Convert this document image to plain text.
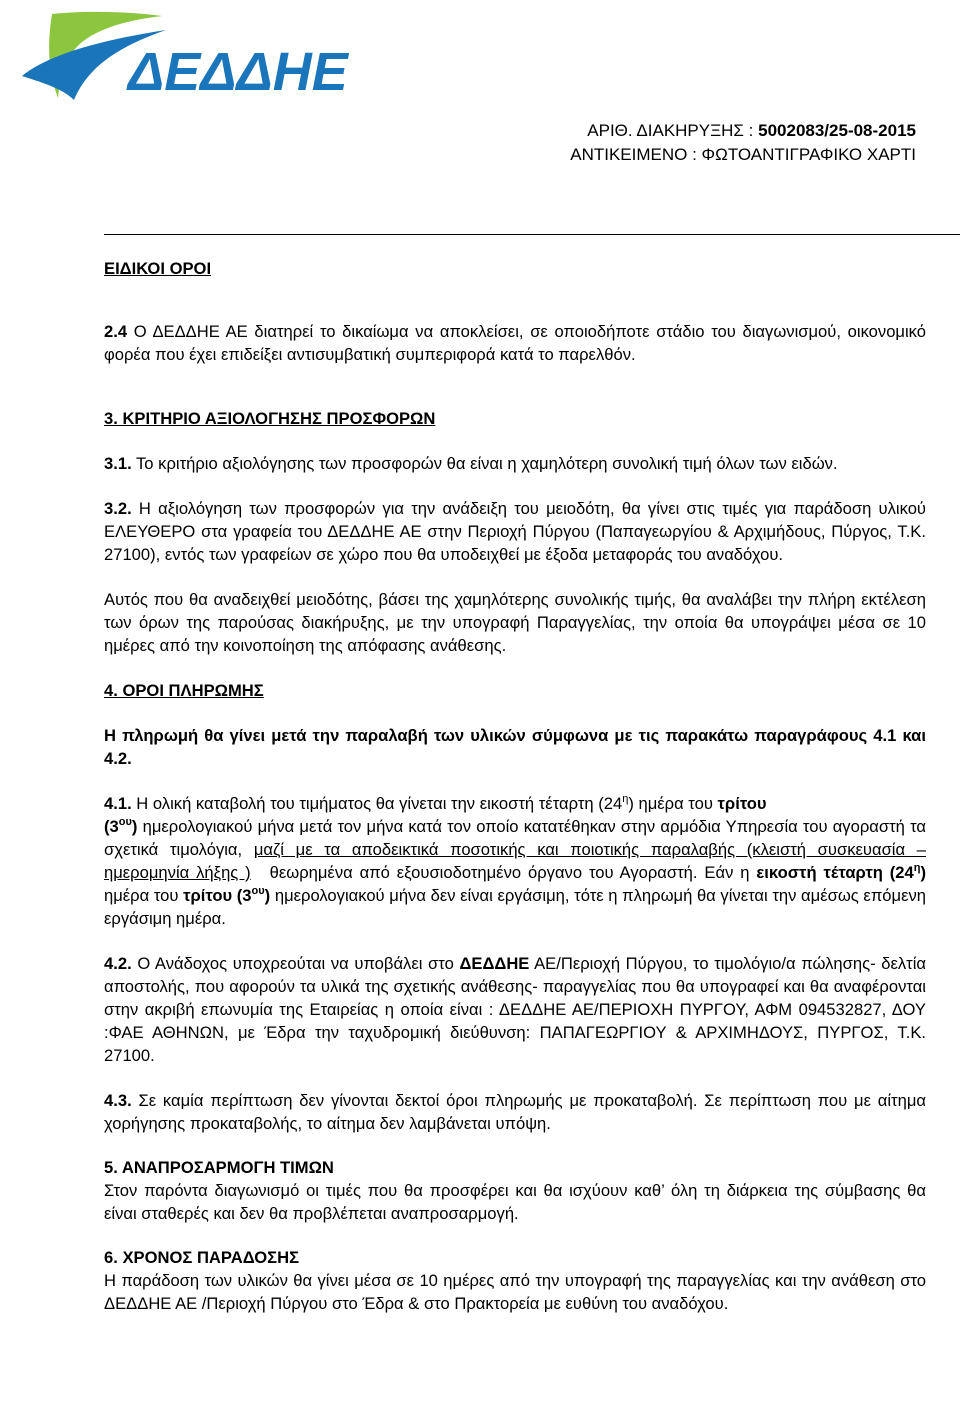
ΔΕΔΔΗΕ
ΑΡΙΘ. ΔΙΑΚΗΡΥΞΗΣ : 5002083/25-08-2015
ΑΝΤΙΚΕΙΜΕΝΟ : ΦΩΤΟΑΝΤΙΓΡΑΦΙΚΟ ΧΑΡΤΙ

ΕΙΔΙΚΟΙ ΟΡΟΙ

2.4 Ο ΔΕΔΔΗΕ ΑΕ διατηρεί το δικαίωμα να αποκλείσει, σε οποιοδήποτε στάδιο του διαγωνισμού, οικονομικό φορέα που έχει επιδείξει αντισυμβατική συμπεριφορά κατά το παρελθόν.

3. ΚΡΙΤΗΡΙΟ ΑΞΙΟΛΟΓΗΣΗΣ ΠΡΟΣΦΟΡΩΝ

3.1. Το κριτήριο αξιολόγησης των προσφορών θα είναι η χαμηλότερη συνολική τιμή όλων των ειδών.

3.2. Η αξιολόγηση των προσφορών για την ανάδειξη του μειοδότη, θα γίνει στις τιμές για παράδοση υλικού ΕΛΕΥΘΕΡΟ στα γραφεία του ΔΕΔΔΗΕ ΑΕ στην Περιοχή Πύργου (Παπαγεωργίου & Αρχιμήδους, Πύργος, Τ.Κ. 27100), εντός των γραφείων σε χώρο που θα υποδειχθεί με έξοδα μεταφοράς του αναδόχου.

Αυτός που θα αναδειχθεί μειοδότης, βάσει της χαμηλότερης συνολικής τιμής, θα αναλάβει την πλήρη εκτέλεση των όρων της παρούσας διακήρυξης, με την υπογραφή Παραγγελίας, την οποία θα υπογράψει μέσα σε 10 ημέρες από την κοινοποίηση της απόφασης ανάθεσης.

4. ΟΡΟΙ ΠΛΗΡΩΜΗΣ

Η πληρωμή θα γίνει μετά την παραλαβή των υλικών σύμφωνα με τις παρακάτω παραγράφους 4.1 και 4.2.

4.1. Η ολική καταβολή του τιμήματος θα γίνεται την εικοστή τέταρτη $(24^\eta)$ ημέρα του τρίτου
$(3^{o\upsilon})$ ημερολογιακού μήνα μετά τον μήνα κατά τον οποίο κατατέθηκαν στην αρμόδια Υπηρεσία του αγοραστή τα σχετικά τιμολόγια, μαζί με τα αποδεικτικά ποσοτικής και ποιοτικής παραλαβής (κλειστή συσκευασία – ημερομηνία λήξης ) θεωρημένα από εξουσιοδοτημένο όργανο του Αγοραστή. Εάν η εικοστή τέταρτη $(24^\eta)$ ημέρα του τρίτου $(3^{o\upsilon})$ ημερολογιακού μήνα δεν είναι εργάσιμη, τότε η πληρωμή θα γίνεται την αμέσως επόμενη εργάσιμη ημέρα.

4.2. Ο Ανάδοχος υποχρεούται να υποβάλει στο ΔΕΔΔΗΕ ΑΕ/Περιοχή Πύργου, το τιμολόγιο/α πώλησης- δελτία αποστολής, που αφορούν τα υλικά της σχετικής ανάθεσης- παραγγελίας που θα υπογραφεί και θα αναφέρονται στην ακριβή επωνυμία της Εταιρείας η οποία είναι : ΔΕΔΔΗΕ ΑΕ/ΠΕΡΙΟΧΗ ΠΥΡΓΟΥ, ΑΦΜ 094532827, ΔΟΥ :ΦΑΕ ΑΘΗΝΩΝ, με Έδρα την ταχυδρομική διεύθυνση: ΠΑΠΑΓΕΩΡΓΙΟΥ & ΑΡΧΙΜΗΔΟΥΣ, ΠΥΡΓΟΣ, Τ.Κ. 27100.

4.3. Σε καμία περίπτωση δεν γίνονται δεκτοί όροι πληρωμής με προκαταβολή. Σε περίπτωση που με αίτημα χορήγησης προκαταβολής, το αίτημα δεν λαμβάνεται υπόψη.

5. ΑΝΑΠΡΟΣΑΡΜΟΓΗ ΤΙΜΩΝ

Στον παρόντα διαγωνισμό οι τιμές που θα προσφέρει και θα ισχύουν καθ’ όλη τη διάρκεια της σύμβασης θα είναι σταθερές και δεν θα προβλέπεται αναπροσαρμογή.

6. ΧΡΟΝΟΣ ΠΑΡΑΔΟΣΗΣ

Η παράδοση των υλικών θα γίνει μέσα σε 10 ημέρες από την υπογραφή της παραγγελίας και την ανάθεση στο ΔΕΔΔΗΕ ΑΕ /Περιοχή Πύργου στο Έδρα & στο Πρακτορεία με ευθύνη του αναδόχου.
